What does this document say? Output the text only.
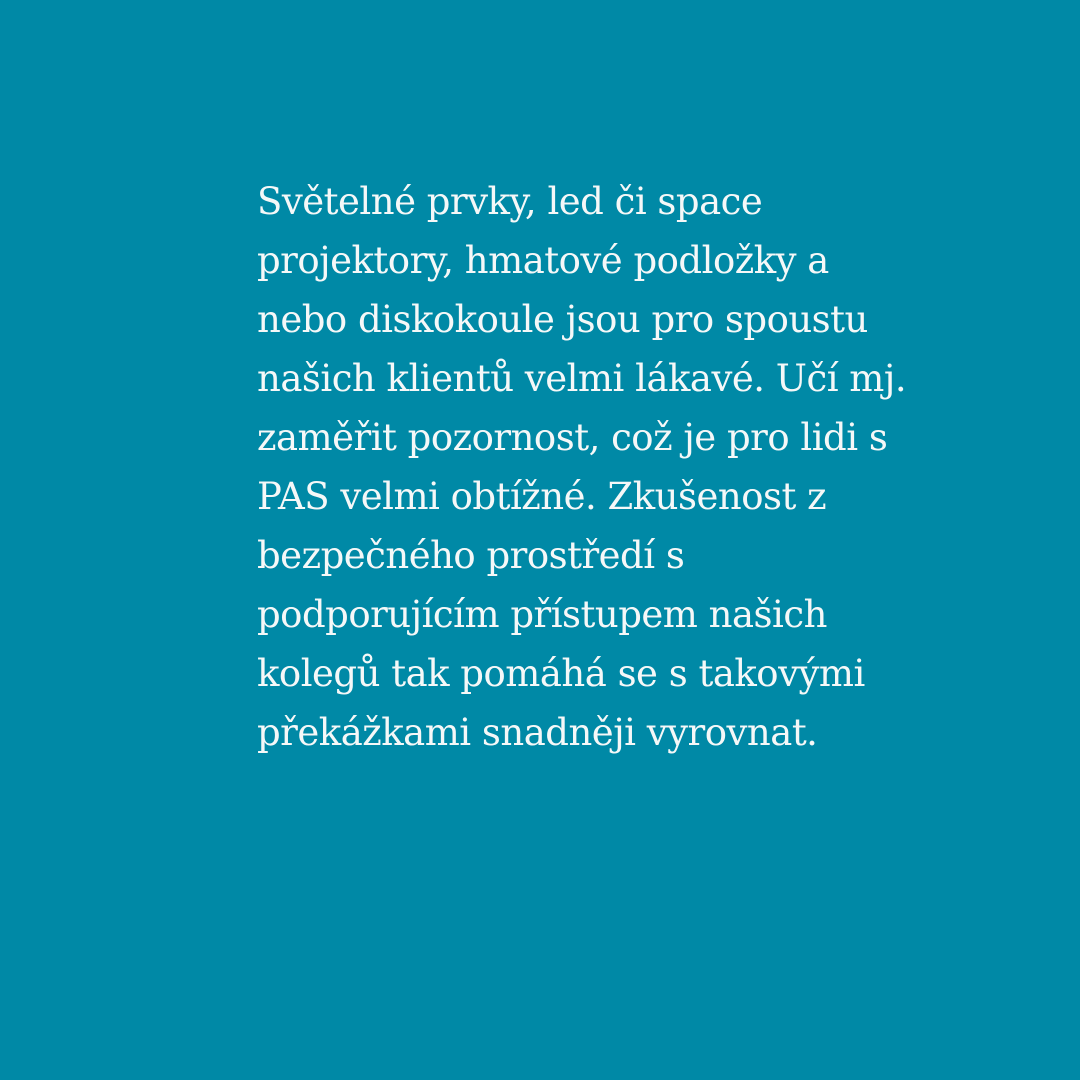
Světelné prvky, led či space
projektory, hmatové podložky a
nebo diskokoule jsou pro spoustu
našich klientů velmi lákavé. Učí mj.
zaměřit pozornost, což je pro lidi s
PAS velmi obtížné. Zkušenost z
bezpečného prostředí s
podporujícím přístupem našich
kolegů tak pomáhá se s takovými
překážkami snadněji vyrovnat.
